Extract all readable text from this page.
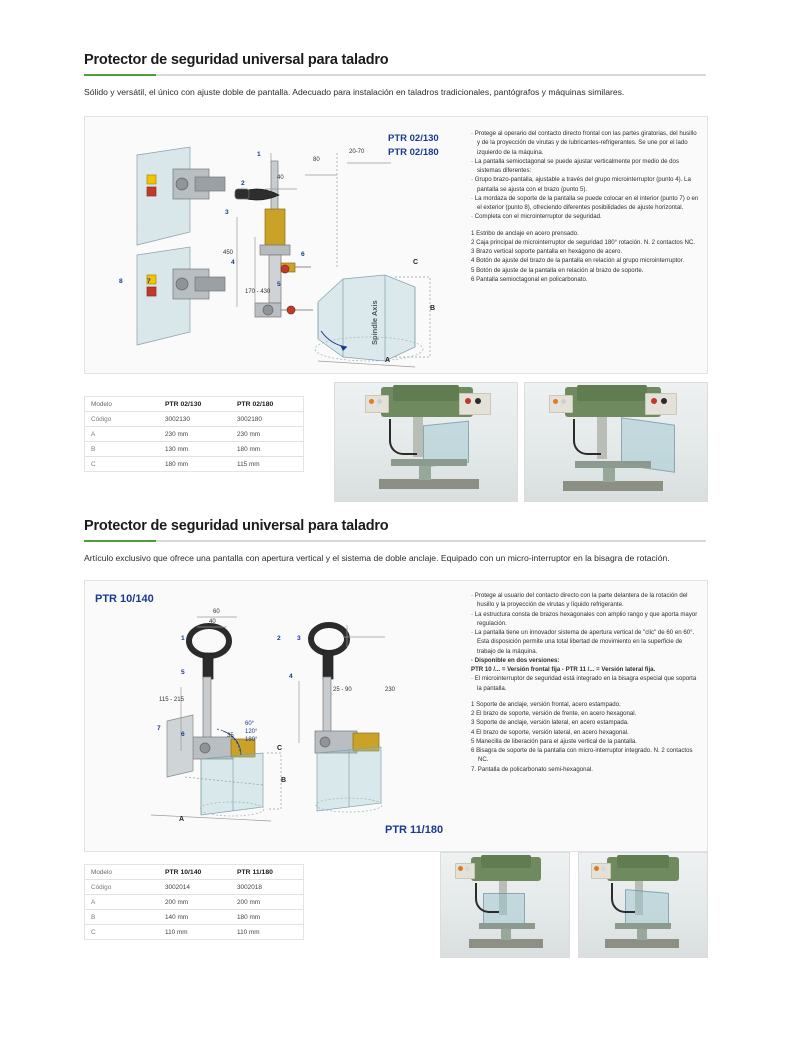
Protector de seguridad universal para taladro
Sólido y versátil, el único con ajuste doble de pantalla. Adecuado para instalación en taladros tradicionales, pantógrafos y máquinas similares.
PTR 02/130
PTR 02/180
20-70
80
40
450
170 - 430
C
B
A
1
2
3
4
5
6
7
8

· Protege al operario del contacto directo frontal con las partes giratorias, del husillo y de la proyección de virutas y de lubricantes-refrigerantes. Se une por el lado izquierdo de la máquina.

· La pantalla semioctagonal se puede ajustar verticalmente por medio de dos sistemas diferentes:

· Grupo brazo-pantalla, ajustable a través del grupo microinterruptor (punto 4). La pantalla se ajusta con el brazo (punto 5).

· La mordaza de soporte de la pantalla se puede colocar en el interior (punto 7) o en el exterior (punto 8), ofreciendo diferentes posibilidades de ajuste horizontal.

· Completa con el microinterruptor de seguridad.

1 Estribo de anclaje en acero prensado.

2 Caja principal de microinterruptor de seguridad 180° rotación. N. 2 contactos NC.

3 Brazo vertical soporte pantalla en hexágono de acero.

4 Botón de ajuste del brazo de la pantalla en relación al grupo microinterruptor.

5 Botón de ajuste de la pantalla en relación al brazo de soporte.

6 Pantalla semioctagonal en policarbonato.

Modelo	PTR 02/130	PTR 02/180
Código	3002130	3002180
A	230 mm	230 mm
B	130 mm	180 mm
C	180 mm	115 mm
Protector de seguridad universal para taladro
Artículo exclusivo que ofrece una pantalla con apertura vertical y el sistema de doble anclaje. Equipado con un micro-interruptor en la bisagra de rotación.
PTR 10/140
PTR 11/180
60
40
115 - 215
25 - 90	230
35
60°
120°
180°
C
B
A
1	2 3
4
5
6
7

· Protege al usuario del contacto directo con la parte delantera de la rotación del husillo y la proyección de virutas y líquido refrigerante.

· La estructura consta de brazos hexagonales con amplio rango y que aporta mayor regulación.

· La pantalla tiene un innovador sistema de apertura vertical de "clic" de 60 en 60°. Esta disposición permite una total libertad de movimiento en la superficie de trabajo de la máquina.

· Disponible en dos versiones:

PTR 10 /... = Versión frontal fija - PTR 11 /... = Versión lateral fija.

· El microinterruptor de seguridad está integrado en la bisagra especial que soporta la pantalla.

1 Soporte de anclaje, versión frontal, acero estampado.

2 El brazo de soporte, versión de frente, en acero hexagonal.

3 Soporte de anclaje, versión lateral, en acero estampada.

4 El brazo de soporte, versión lateral, en acero hexagonal.

5 Manecilla de liberación para el ajuste vertical de la pantalla.

6 Bisagra de soporte de la pantalla con micro-interruptor integrado. N. 2 contactos NC.

7. Pantalla de policarbonato semi-hexagonal.

Modelo	PTR 10/140	PTR 11/180
Código	3002014	3002018
A	200 mm	200 mm
B	140 mm	180 mm
C	110 mm	110 mm
